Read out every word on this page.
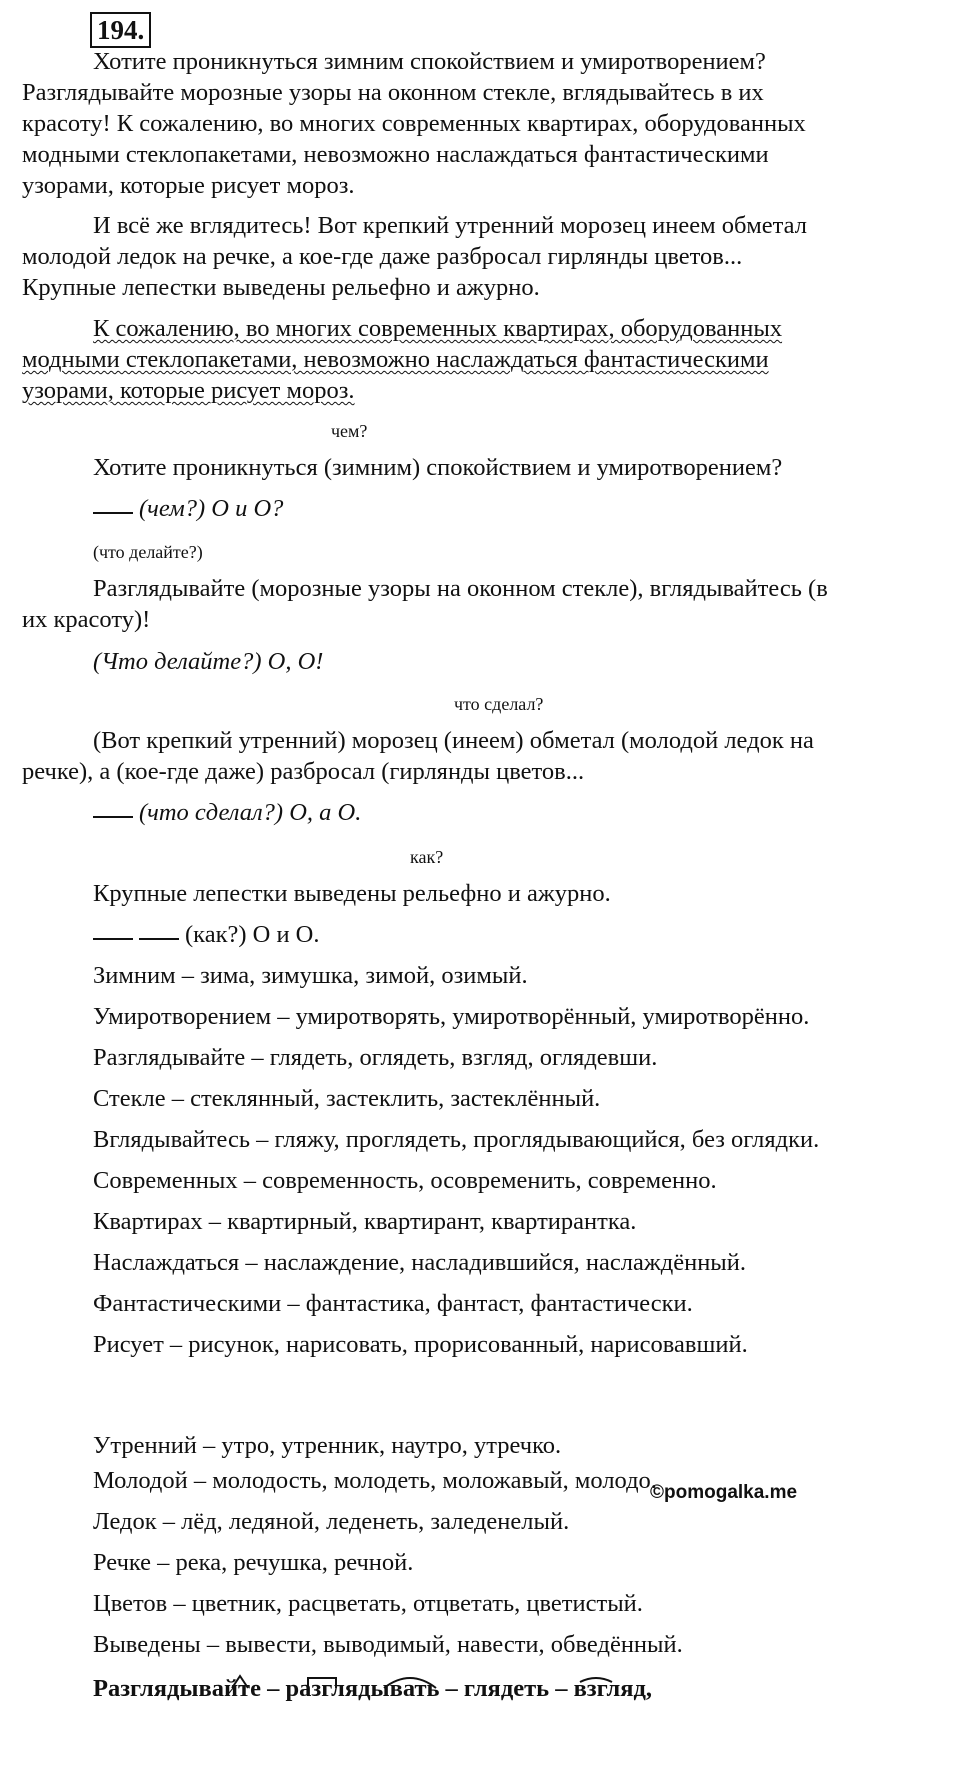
194.
Хотите проникнуться зимним спокойствием и умиротворением?
Разглядывайте морозные узоры на оконном стекле, вглядывайтесь в их
красоту! К сожалению, во многих современных квартирах, оборудованных
модными стеклопакетами, невозможно наслаждаться фантастическими
узорами, которые рисует мороз.
И всё же вглядитесь! Вот крепкий утренний морозец инеем обметал
молодой ледок на речке, а кое-где даже разбросал гирлянды цветов...
Крупные лепестки выведены рельефно и ажурно.
К сожалению, во многих современных квартирах, оборудованных
модными стеклопакетами, невозможно наслаждаться фантастическими
узорами, которые рисует мороз.
чем?
Хотите проникнуться (зимним) спокойствием и умиротворением?
(чем?) О и О?
(что делайте?)
Разглядывайте (морозные узоры на оконном стекле), вглядывайтесь (в
их красоту)!
(Что делайте?) О, О!
что сделал?
(Вот крепкий утренний) морозец (инеем) обметал (молодой ледок на
речке), а (кое-где даже) разбросал (гирлянды цветов...
(что сделал?) О, а О.
как?
Крупные лепестки выведены рельефно и ажурно.
(как?) О и О.
Зимним – зима, зимушка, зимой, озимый.
Умиротворением – умиротворять, умиротворённый, умиротворённо.
Разглядывайте – глядеть, оглядеть, взгляд, оглядевши.
Стекле – стеклянный, застеклить, застеклённый.
Вглядывайтесь – гляжу, проглядеть, проглядывающийся, без оглядки.
Современных – современность, осовременить, современно.
Квартирах – квартирный, квартирант, квартирантка.
Наслаждаться – наслаждение, насладившийся, наслаждённый.
Фантастическими – фантастика, фантаст, фантастически.
Рисует – рисунок, нарисовать, прорисованный, нарисовавший.
Утренний – утро, утренник, наутро, утречко.
Молодой – молодость, молодеть, моложавый, молодо.
Ледок – лёд, ледяной, леденеть, заледенелый.
Речке – река, речушка, речной.
Цветов – цветник, расцветать, отцветать, цветистый.
Выведены – вывести, выводимый, навести, обведённый.
©pomogalka.me
Разглядывайте – разглядывать – глядеть – взгляд,
